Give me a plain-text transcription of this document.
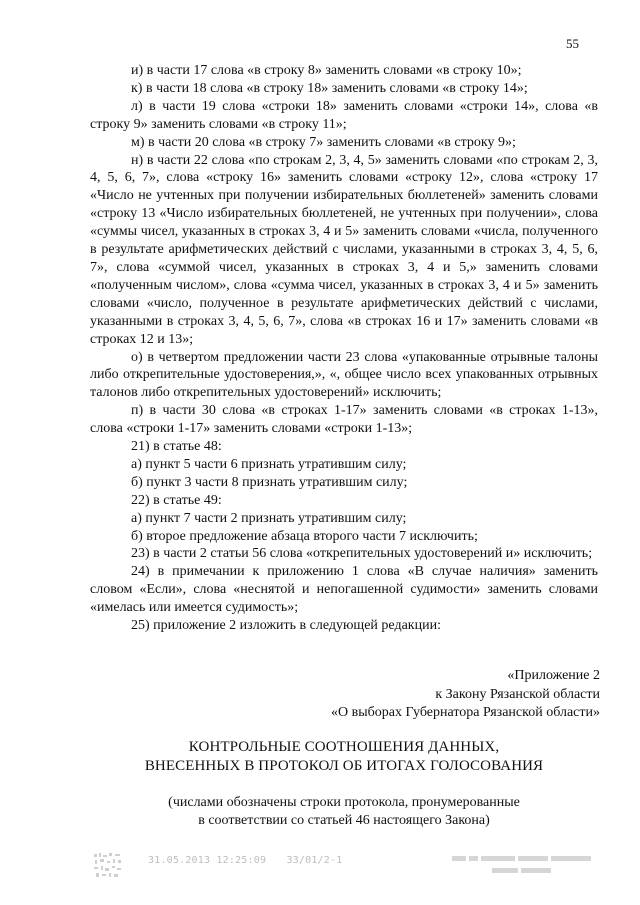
55

и) в части 17 слова «в строку 8» заменить словами «в строку 10»;

к) в части 18 слова «в строку 18» заменить словами «в строку 14»;

л) в части 19 слова «строки 18» заменить словами «строки 14», слова «в строку 9» заменить словами «в строку 11»;

м) в части 20 слова «в строку 7» заменить словами «в строку 9»;

н) в части 22 слова «по строкам 2, 3, 4, 5» заменить словами «по строкам 2, 3, 4, 5, 6, 7», слова «строку 16» заменить словами «строку 12», слова «строку 17 «Число не учтенных при получении избирательных бюллетеней» заменить словами «строку 13 «Число избирательных бюллетеней, не учтенных при получении», слова «суммы чисел, указанных в строках 3, 4 и 5» заменить словами «числа, полученного в результате арифметических действий с числами, указанными в строках 3, 4, 5, 6, 7», слова «суммой чисел, указанных в строках 3, 4 и 5,» заменить словами «полученным числом», слова «сумма чисел, указанных в строках 3, 4 и 5» заменить словами «число, полученное в результате арифметических действий с числами, указанными в строках 3, 4, 5, 6, 7», слова «в строках 16 и 17» заменить словами «в строках 12 и 13»;

о) в четвертом предложении части 23 слова «упакованные отрывные талоны либо открепительные удостоверения,», «, общее число всех упакованных отрывных талонов либо открепительных удостоверений» исключить;

п) в части 30 слова «в строках 1-17» заменить словами «в строках 1-13», слова «строки 1-17» заменить словами «строки 1-13»;

21) в статье 48:

а) пункт 5 части 6 признать утратившим силу;

б) пункт 3 части 8 признать утратившим силу;

22) в статье 49:

а) пункт 7 части 2 признать утратившим силу;

б) второе предложение абзаца второго части 7 исключить;

23) в части 2 статьи 56 слова «открепительных удостоверений и» исключить;

24) в примечании к приложению 1 слова «В случае наличия» заменить словом «Если», слова «неснятой и непогашенной судимости» заменить словами «имелась или имеется судимость»;

25) приложение 2 изложить в следующей редакции:

«Приложение 2
к Закону Рязанской области
«О выборах Губернатора Рязанской области»
КОНТРОЛЬНЫЕ СООТНОШЕНИЯ ДАННЫХ,
ВНЕСЕННЫХ В ПРОТОКОЛ ОБ ИТОГАХ ГОЛОСОВАНИЯ
(числами обозначены строки протокола, пронумерованные
в соответствии со статьей 46 настоящего Закона)
31.05.2013 12:25:09 33/01/2-1
